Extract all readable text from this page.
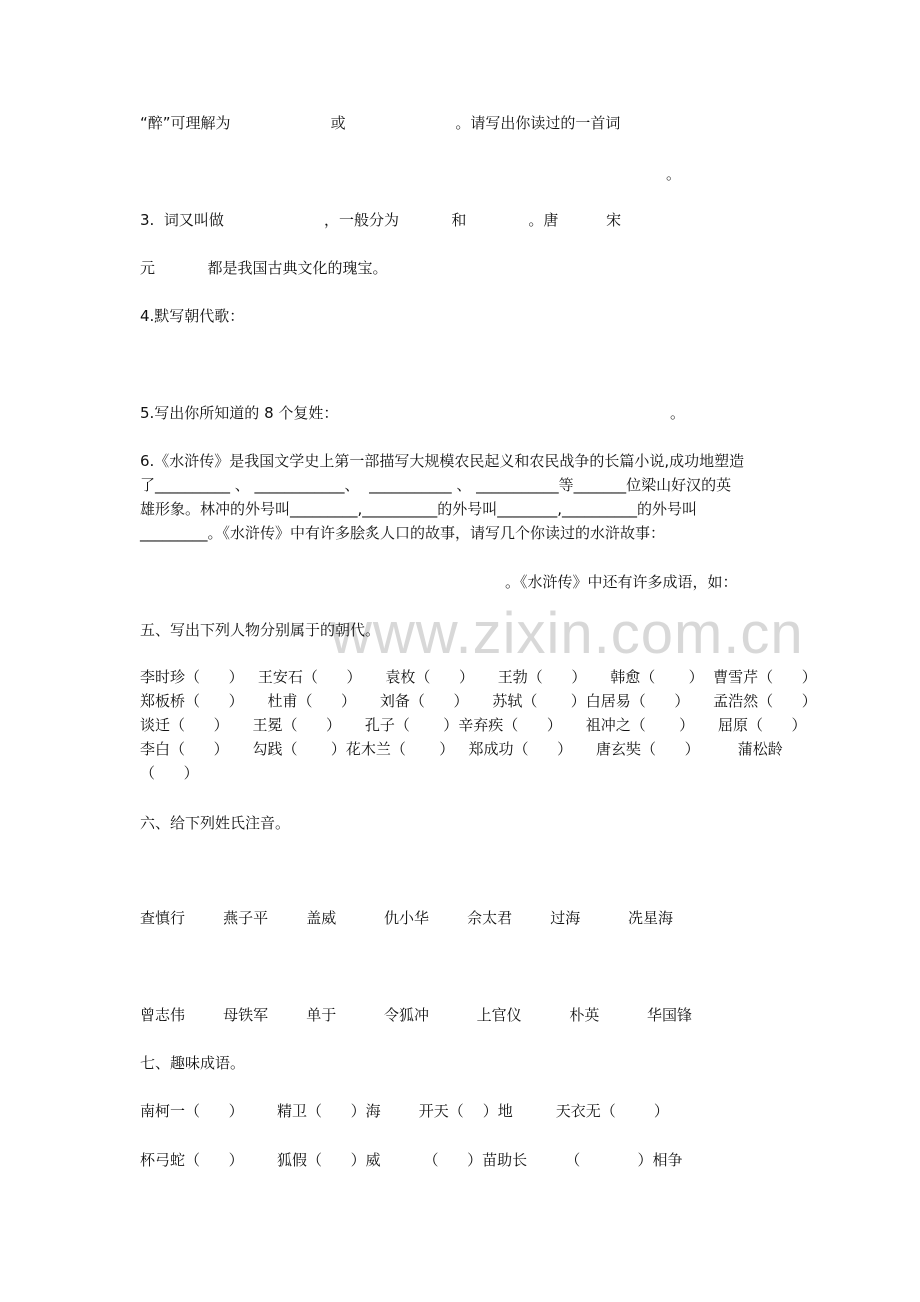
www.zixin.com.cn
“醉”可理解为                     或                       。请写出你读过的一首词
。
3.  词又叫做                     ，一般分为           和             。唐          宋
元           都是我国古典文化的瑰宝。
4.默写朝代歌：
5.写出你所知道的 8 个复姓：	。
6.《水浒传》是我国文学史上第一部描写大规模农民起义和农民战争的长篇小说,成功地塑造
了__________ 、 ____________、  ___________ 、 ___________等_______位梁山好汉的英
雄形象。林冲的外号叫_________,__________的外号叫________,__________的外号叫
_________。《水浒传》中有许多脍炙人口的故事，请写几个你读过的水浒故事：
。《水浒传》中还有许多成语，如：
五、写出下列人物分别属于的朝代。
李时珍（      ）   王安石（      ）     袁枚（      ）     王勃（      ）     韩愈（       ）  曹雪芹（      ）
郑板桥（      ）     杜甫（      ）     刘备（      ）     苏轼（       ）白居易（      ）     孟浩然（      ）
谈迁（      ）     王冕（      ）     孔子（       ）辛弃疾（      ）     祖冲之（       ）     屈原（      ）
李白（      ）     勾践（       ）花木兰（       ）   郑成功（      ）     唐玄奘（      ）        蒲松龄
（      ）
六、给下列姓氏注音。
查慎行        燕子平        盖威          仇小华        佘太君        过海          冼星海
曾志伟        母铁军        单于          令狐冲          上官仪          朴英          华国锋
七、趣味成语。
南柯一（      ）       精卫（      ）海        开天（    ）地         天衣无（        ）
杯弓蛇（      ）       狐假（      ）威         （      ）苗助长        （            ）相争
